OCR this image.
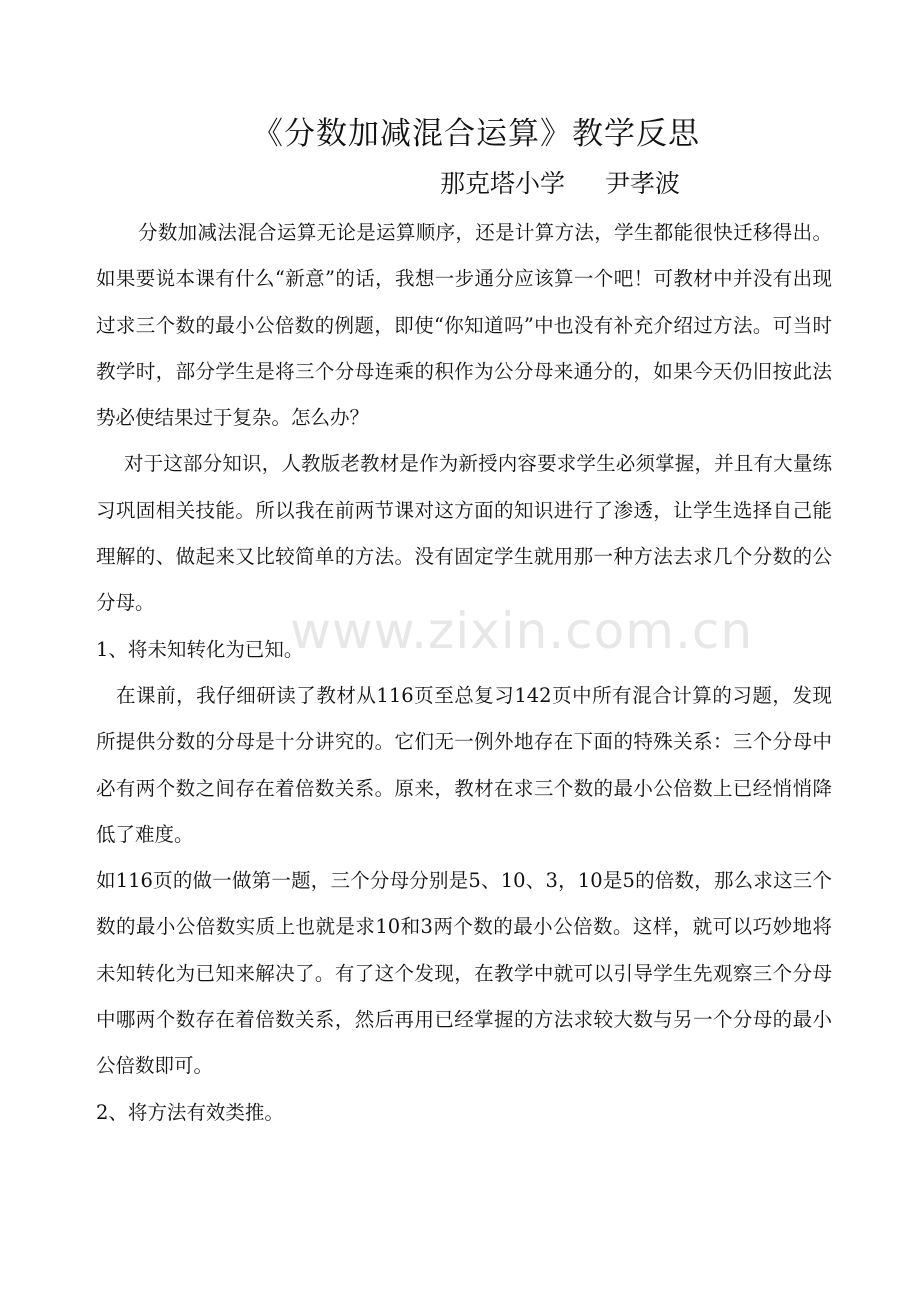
《分数加减混合运算》教学反思
那克塔小学 尹孝波

分数加减法混合运算无论是运算顺序，还是计算方法，学生都能很快迁移得出。如果要说本课有什么“新意”的话，我想一步通分应该算一个吧！可教材中并没有出现过求三个数的最小公倍数的例题，即使“你知道吗”中也没有补充介绍过方法。可当时教学时，部分学生是将三个分母连乘的积作为公分母来通分的，如果今天仍旧按此法势必使结果过于复杂。怎么办？

对于这部分知识，人教版老教材是作为新授内容要求学生必须掌握，并且有大量练习巩固相关技能。所以我在前两节课对这方面的知识进行了渗透，让学生选择自己能理解的、做起来又比较简单的方法。没有固定学生就用那一种方法去求几个分数的公分母。

1、将未知转化为已知。

在课前，我仔细研读了教材从116页至总复习142页中所有混合计算的习题，发现所提供分数的分母是十分讲究的。它们无一例外地存在下面的特殊关系：三个分母中必有两个数之间存在着倍数关系。原来，教材在求三个数的最小公倍数上已经悄悄降低了难度。

如116页的做一做第一题，三个分母分别是5、10、3，10是5的倍数，那么求这三个数的最小公倍数实质上也就是求10和3两个数的最小公倍数。这样，就可以巧妙地将未知转化为已知来解决了。有了这个发现，在教学中就可以引导学生先观察三个分母中哪两个数存在着倍数关系，然后再用已经掌握的方法求较大数与另一个分母的最小公倍数即可。

2、将方法有效类推。

www.zixin.com.cn
